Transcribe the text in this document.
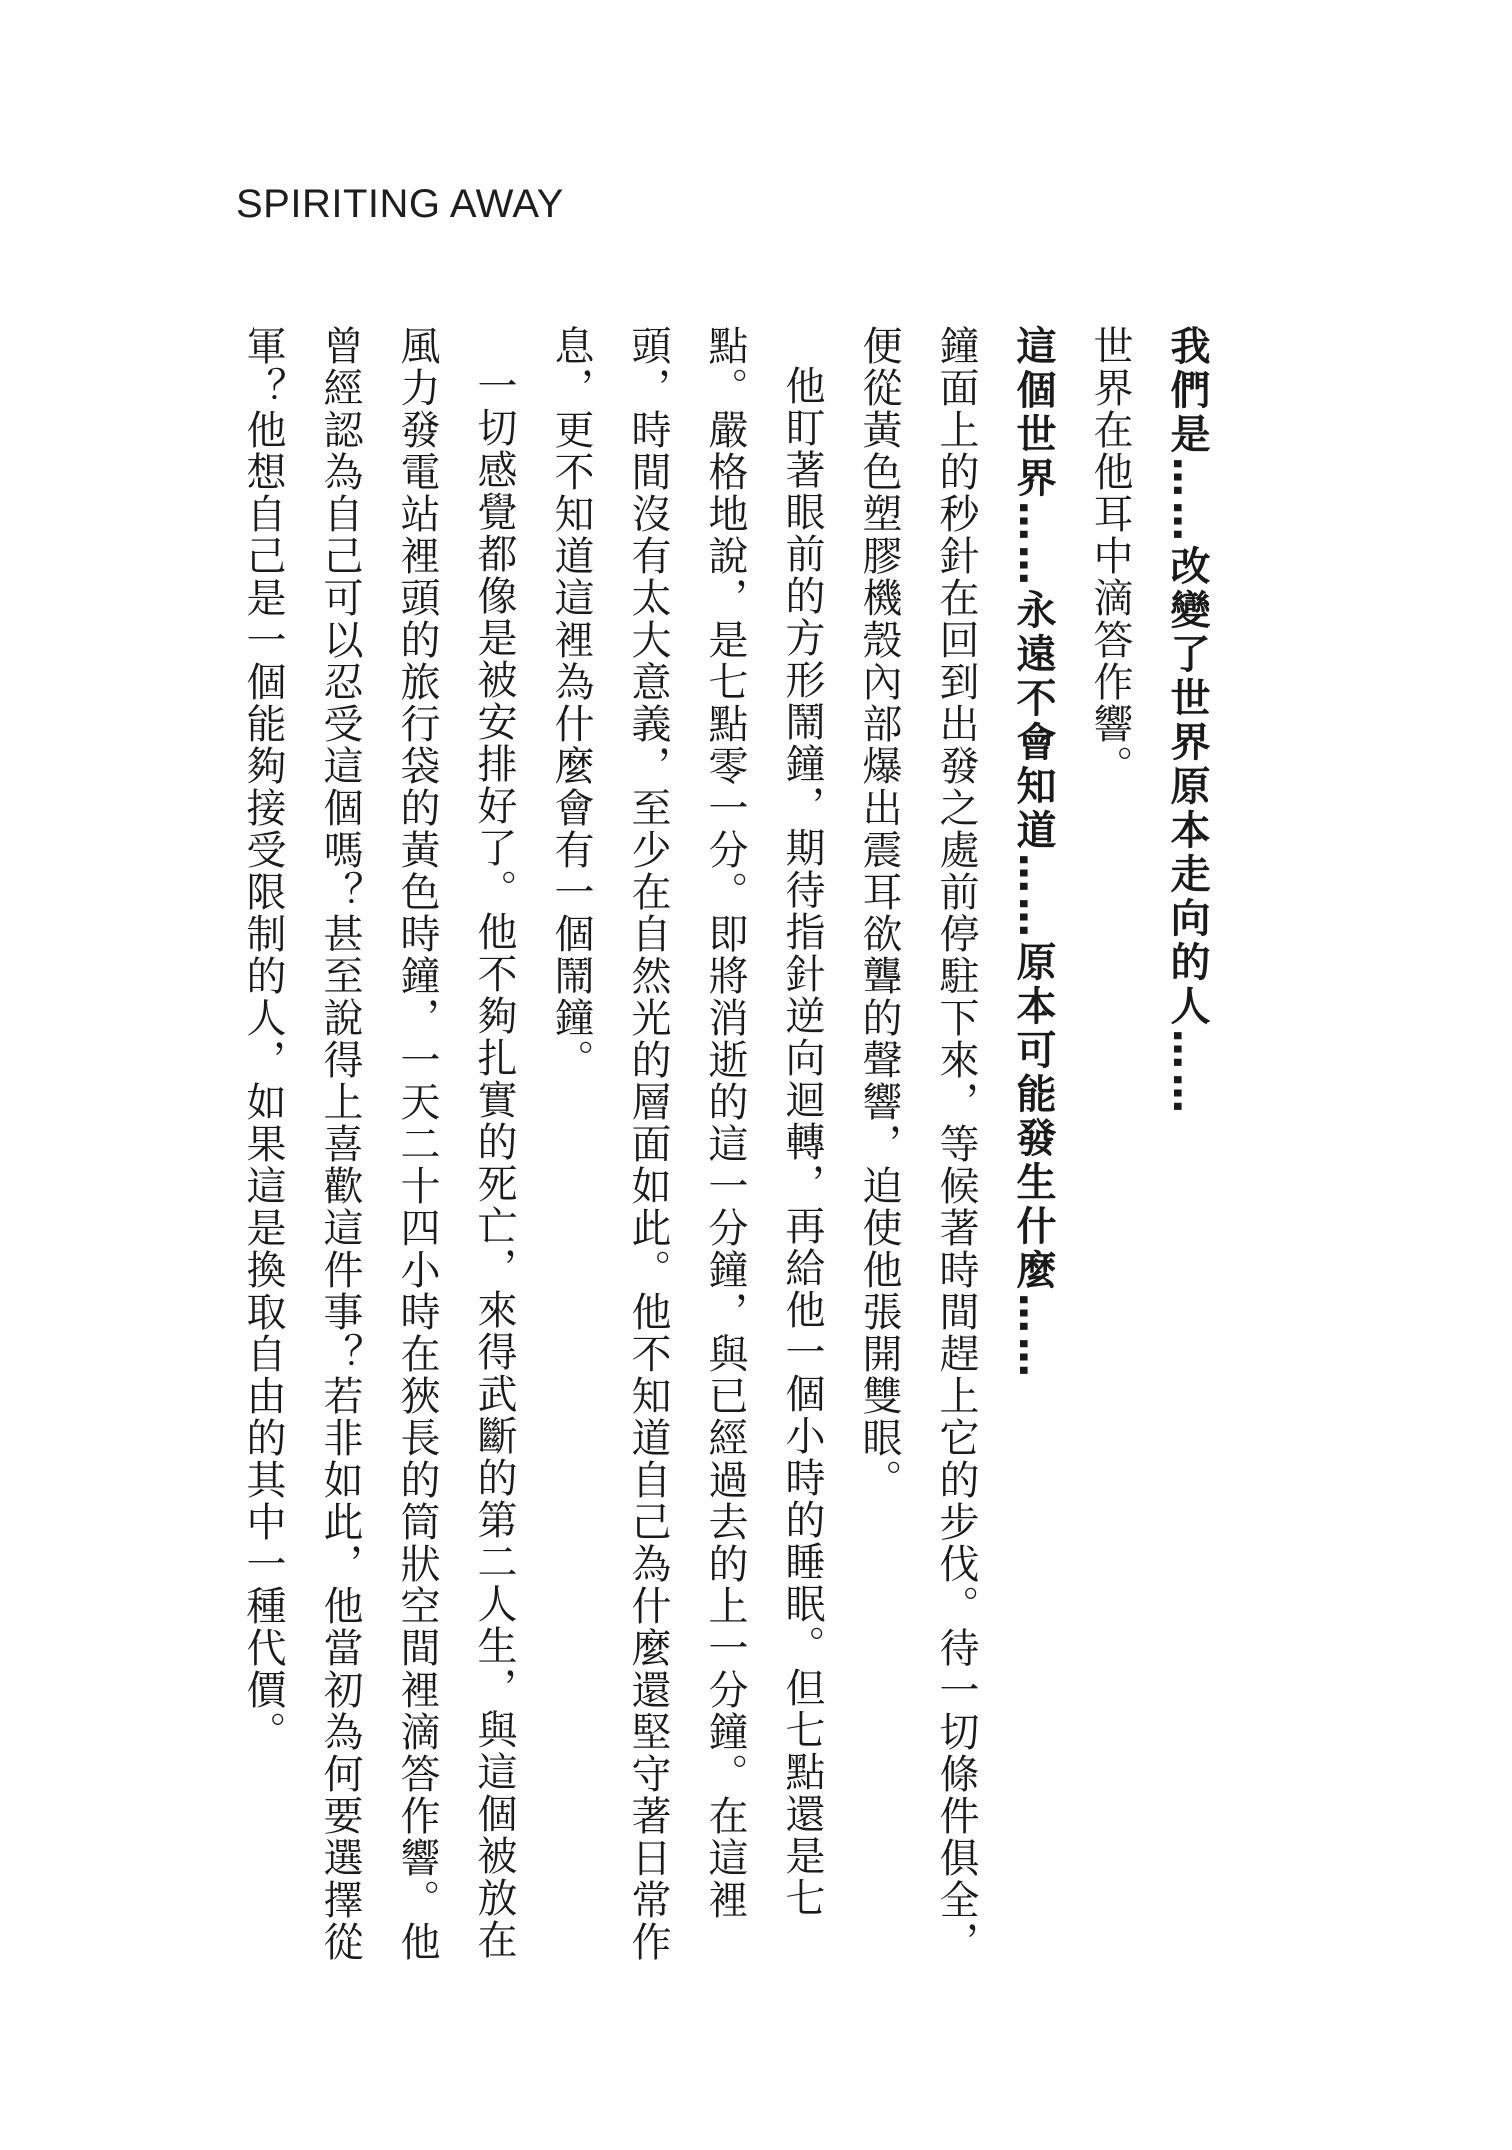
SPIRITING AWAY

我們是……改變了世界原本走向的人……

世界在他耳中滴答作響。

這個世界……永遠不會知道……原本可能發生什麼……

鐘面上的秒針在回到出發之處前停駐下來，等候著時間趕上它的步伐。待一切條件俱全，便從黃色塑膠機殼內部爆出震耳欲聾的聲響，迫使他張開雙眼。

他盯著眼前的方形鬧鐘，期待指針逆向迴轉，再給他一個小時的睡眠。但七點還是七點。嚴格地說，是七點零一分。即將消逝的這一分鐘，與已經過去的上一分鐘。在這裡頭，時間沒有太大意義，至少在自然光的層面如此。他不知道自己為什麼還堅守著日常作息，更不知道這裡為什麼會有一個鬧鐘。

一切感覺都像是被安排好了。他不夠扎實的死亡，來得武斷的第二人生，與這個被放在風力發電站裡頭的旅行袋的黃色時鐘，一天二十四小時在狹長的筒狀空間裡滴答作響。他曾經認為自己可以忍受這個嗎？甚至說得上喜歡這件事？若非如此，他當初為何要選擇從軍？他想自己是一個能夠接受限制的人，如果這是換取自由的其中一種代價。
